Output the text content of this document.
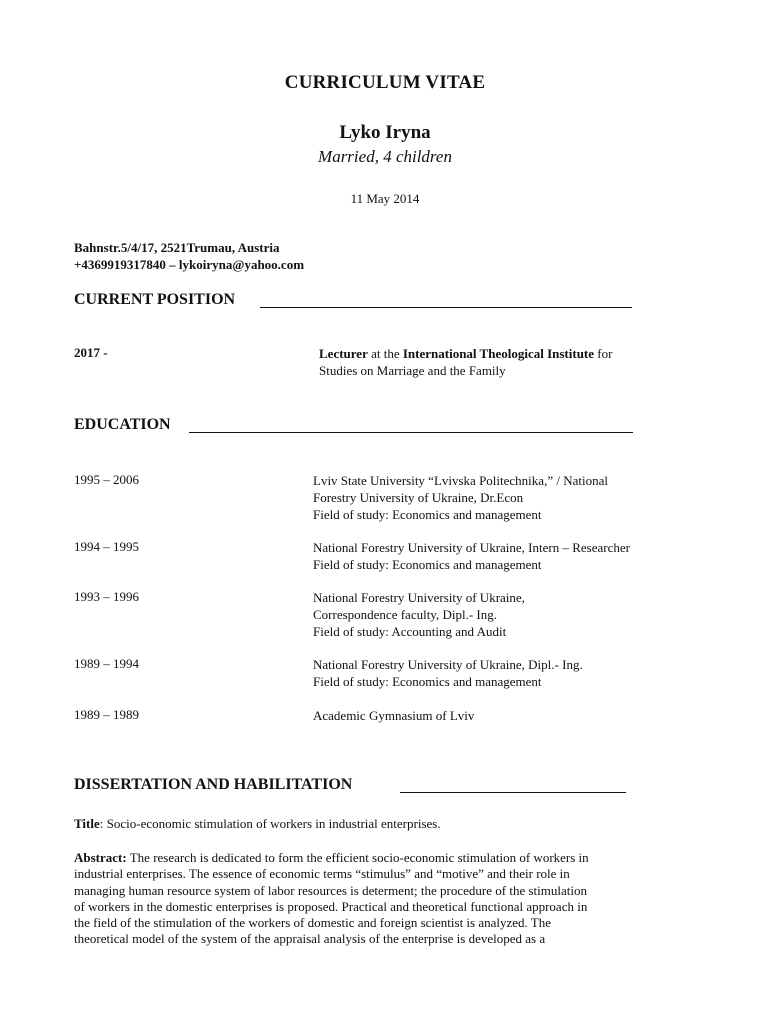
CURRICULUM VITAE
Lyko Iryna
Married, 4 children
11 May 2014
Bahnstr.5/4/17, 2521Trumau, Austria
+4369919317840 – lykoiryna@yahoo.com
CURRENT POSITION
2017 -	Lecturer at the International Theological Institute for
Studies on Marriage and the Family
EDUCATION
1995 – 2006	Lviv State University “Lvivska Politechnika,” / National
Forestry University of Ukraine, Dr.Econ
Field of study: Economics and management
1994 – 1995	National Forestry University of Ukraine, Intern – Researcher
Field of study: Economics and management
1993 – 1996	National Forestry University of Ukraine,
Correspondence faculty, Dipl.- Ing.
Field of study: Accounting and Audit
1989 – 1994	National Forestry University of Ukraine, Dipl.- Ing.
Field of study: Economics and management
1989 – 1989	Academic Gymnasium of Lviv
DISSERTATION AND HABILITATION
Title: Socio-economic stimulation of workers in industrial enterprises.
Abstract: The research is dedicated to form the efficient socio-economic stimulation of workers in
industrial enterprises. The essence of economic terms “stimulus” and “motive” and their role in
managing human resource system of labor resources is determent; the procedure of the stimulation
of workers in the domestic enterprises is proposed. Practical and theoretical functional approach in
the field of the stimulation of the workers of domestic and foreign scientist is analyzed. The
theoretical model of the system of the appraisal analysis of the enterprise is developed as a
